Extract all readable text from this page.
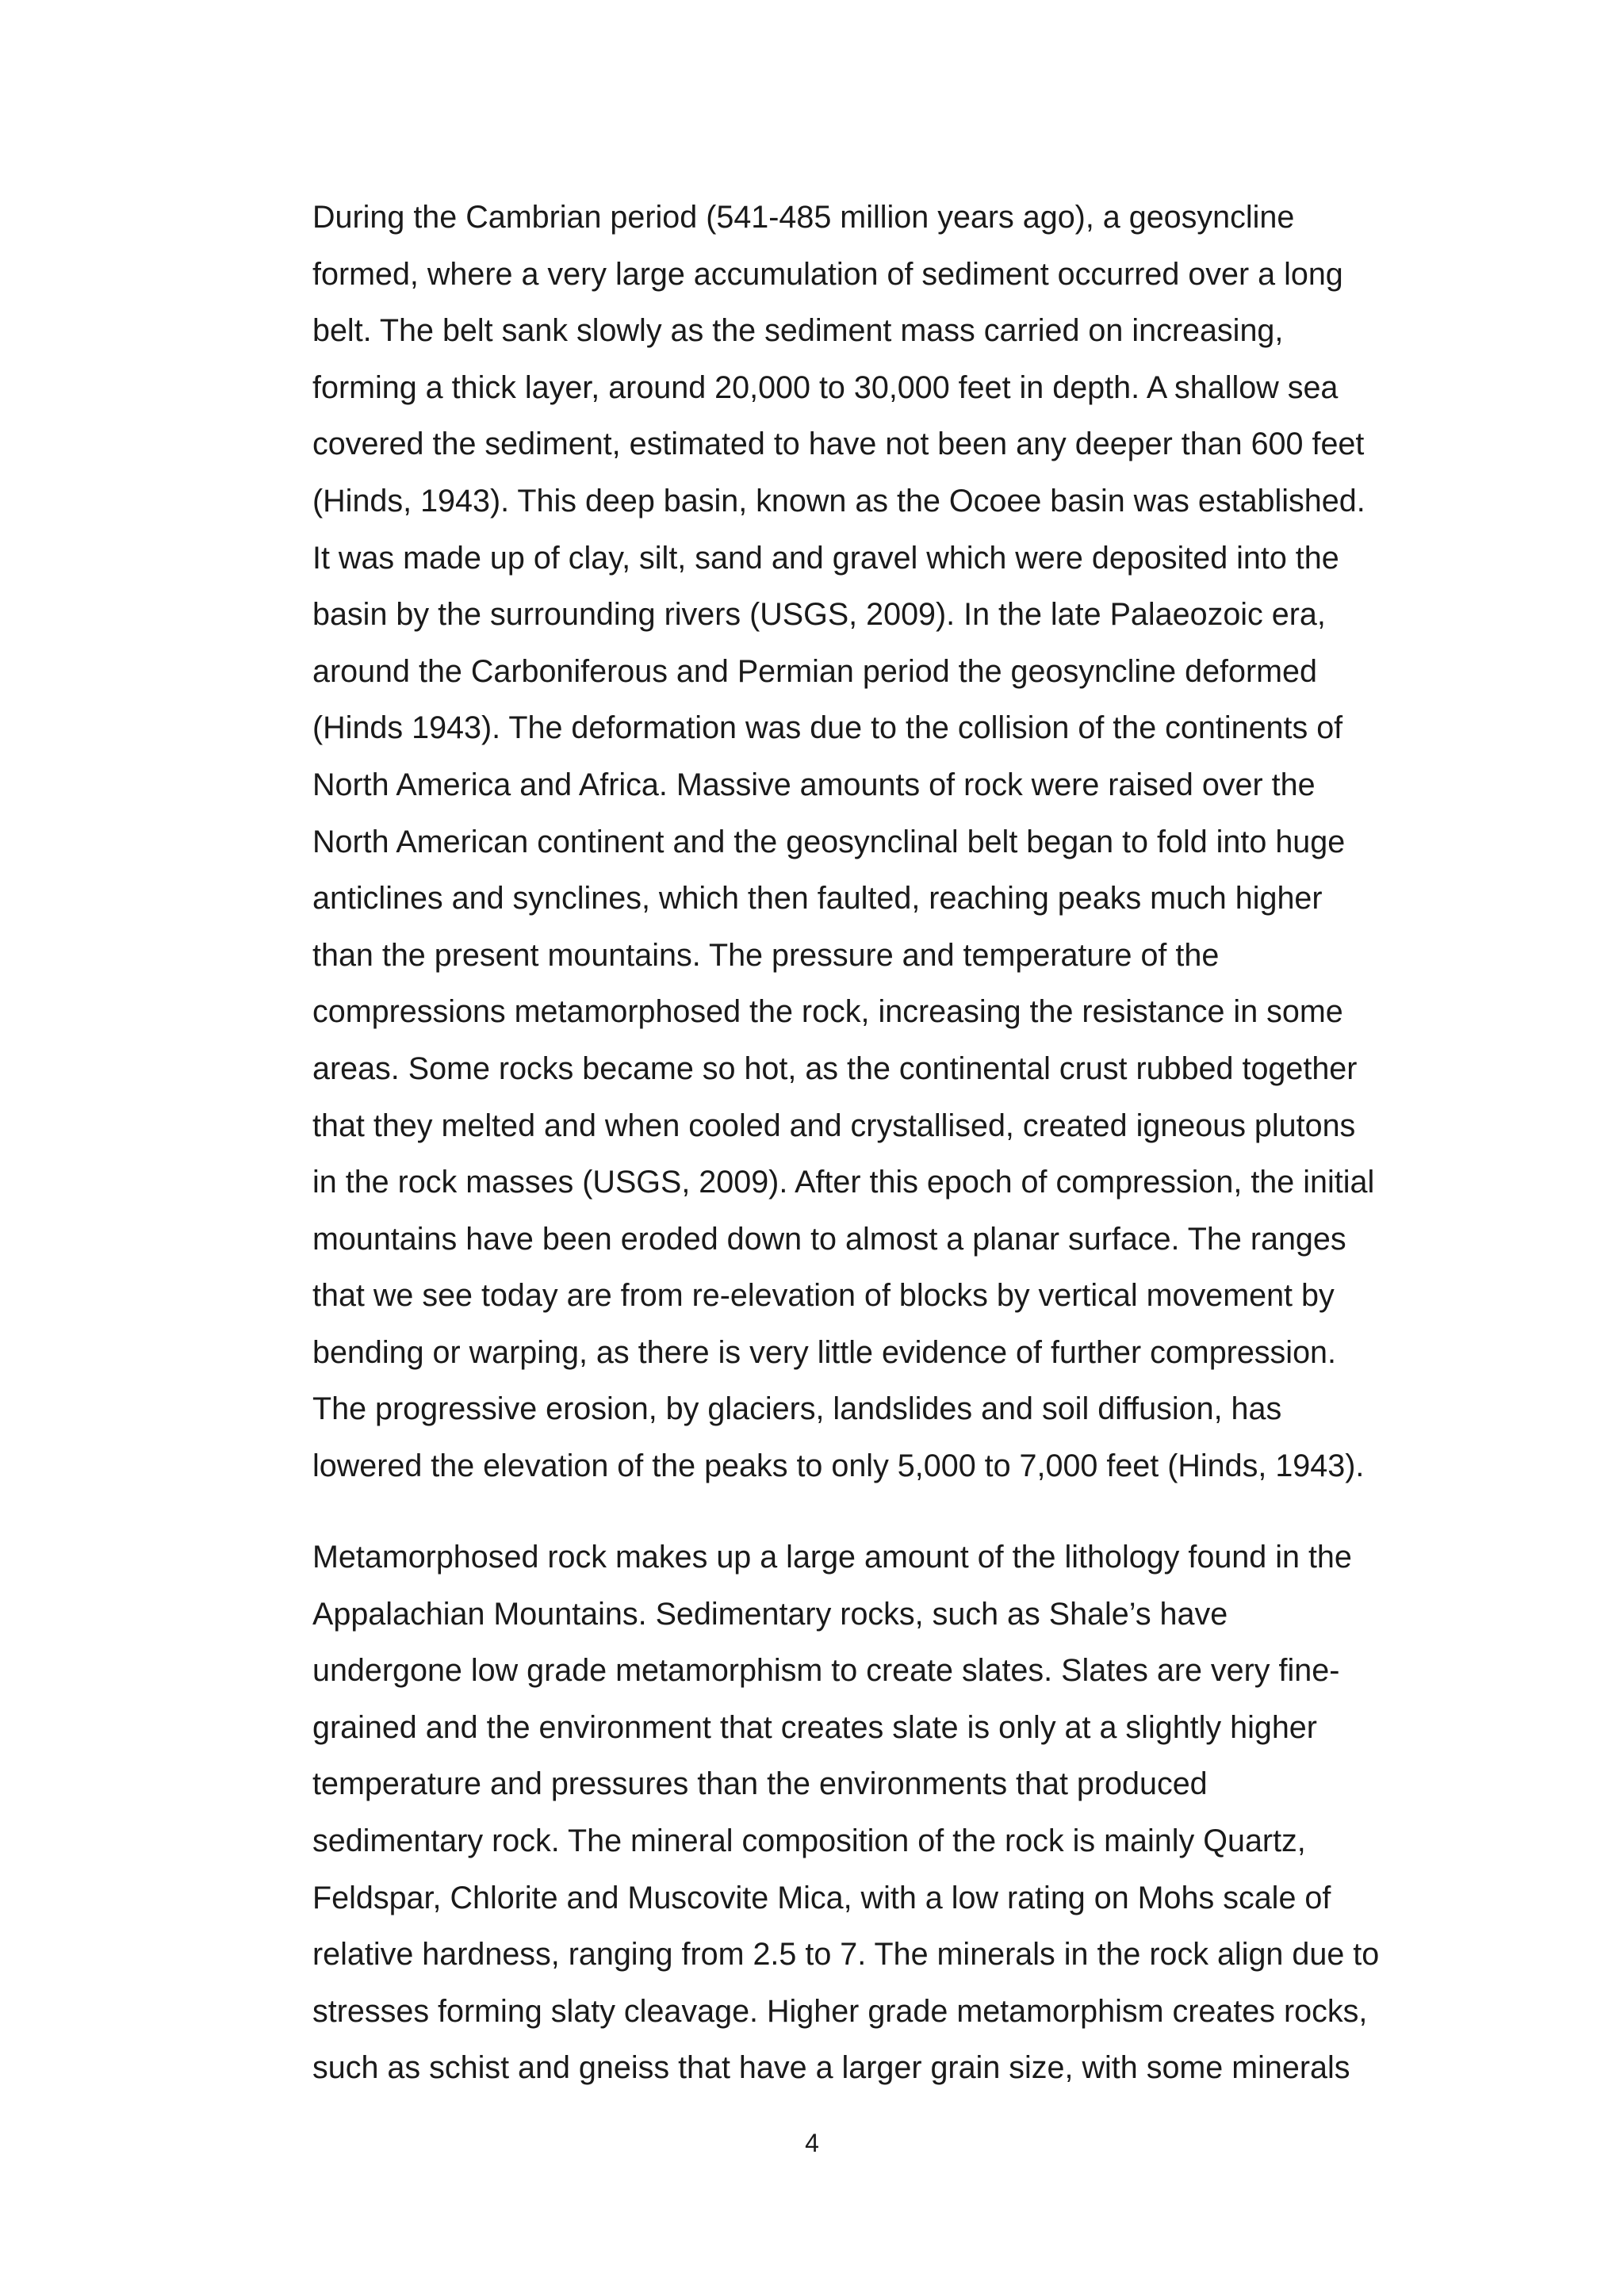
During the Cambrian period (541-485 million years ago), a geosyncline
formed, where a very large accumulation of sediment occurred over a long
belt. The belt sank slowly as the sediment mass carried on increasing,
forming a thick layer, around 20,000 to 30,000 feet in depth. A shallow sea
covered the sediment, estimated to have not been any deeper than 600 feet
(Hinds, 1943). This deep basin, known as the Ocoee basin was established.
It was made up of clay, silt, sand and gravel which were deposited into the
basin by the surrounding rivers (USGS, 2009). In the late Palaeozoic era,
around the Carboniferous and Permian period the geosyncline deformed
(Hinds 1943). The deformation was due to the collision of the continents of
North America and Africa. Massive amounts of rock were raised over the
North American continent and the geosynclinal belt began to fold into huge
anticlines and synclines, which then faulted, reaching peaks much higher
than the present mountains. The pressure and temperature of the
compressions metamorphosed the rock, increasing the resistance in some
areas. Some rocks became so hot, as the continental crust rubbed together
that they melted and when cooled and crystallised, created igneous plutons
in the rock masses (USGS, 2009). After this epoch of compression, the initial
mountains have been eroded down to almost a planar surface. The ranges
that we see today are from re-elevation of blocks by vertical movement by
bending or warping, as there is very little evidence of further compression.
The progressive erosion, by glaciers, landslides and soil diffusion, has
lowered the elevation of the peaks to only 5,000 to 7,000 feet (Hinds, 1943).

Metamorphosed rock makes up a large amount of the lithology found in the
Appalachian Mountains. Sedimentary rocks, such as Shale’s have
undergone low grade metamorphism to create slates. Slates are very fine-
grained and the environment that creates slate is only at a slightly higher
temperature and pressures than the environments that produced
sedimentary rock. The mineral composition of the rock is mainly Quartz,
Feldspar, Chlorite and Muscovite Mica, with a low rating on Mohs scale of
relative hardness, ranging from 2.5 to 7. The minerals in the rock align due to
stresses forming slaty cleavage. Higher grade metamorphism creates rocks,
such as schist and gneiss that have a larger grain size, with some minerals

4
